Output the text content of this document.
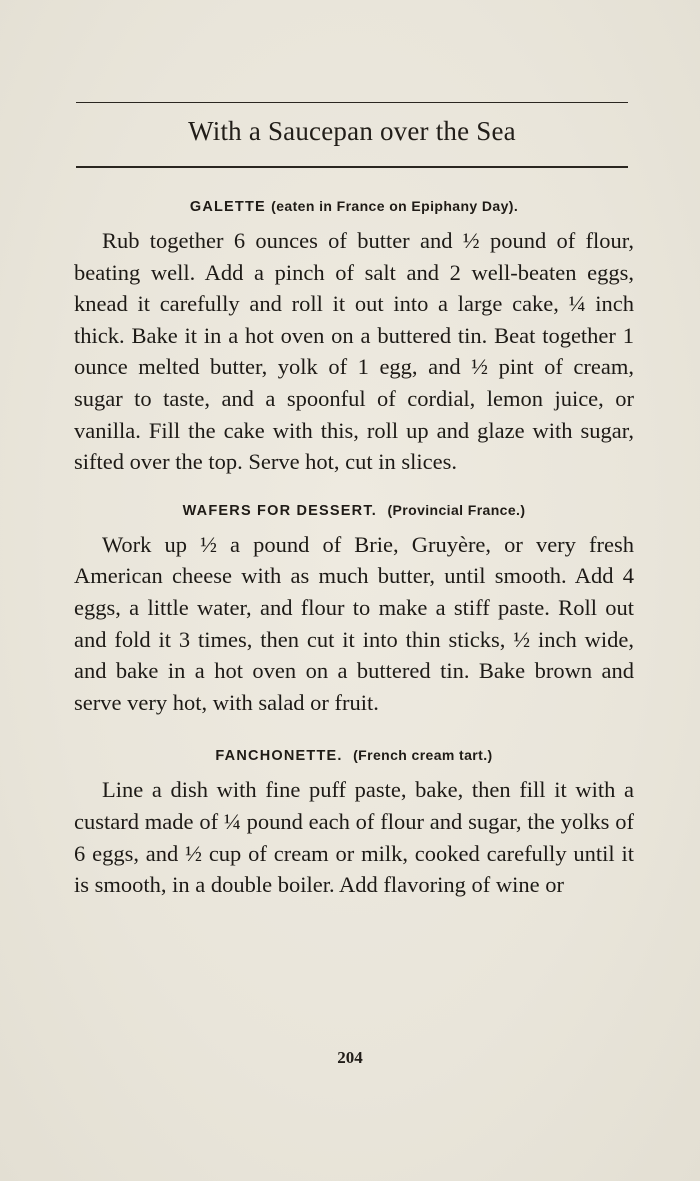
With a Saucepan over the Sea

GALETTE (eaten in France on Epiphany Day).

Rub together 6 ounces of butter and ½ pound of flour, beating well. Add a pinch of salt and 2 well-beaten eggs, knead it carefully and roll it out into a large cake, ¼ inch thick. Bake it in a hot oven on a buttered tin. Beat together 1 ounce melted butter, yolk of 1 egg, and ½ pint of cream, sugar to taste, and a spoonful of cordial, lemon juice, or vanilla. Fill the cake with this, roll up and glaze with sugar, sifted over the top. Serve hot, cut in slices.

WAFERS FOR DESSERT. (Provincial France.)

Work up ½ a pound of Brie, Gruyère, or very fresh American cheese with as much butter, until smooth. Add 4 eggs, a little water, and flour to make a stiff paste. Roll out and fold it 3 times, then cut it into thin sticks, ½ inch wide, and bake in a hot oven on a buttered tin. Bake brown and serve very hot, with salad or fruit.

FANCHONETTE. (French cream tart.)

Line a dish with fine puff paste, bake, then fill it with a custard made of ¼ pound each of flour and sugar, the yolks of 6 eggs, and ½ cup of cream or milk, cooked carefully until it is smooth, in a double boiler. Add flavoring of wine or

204
